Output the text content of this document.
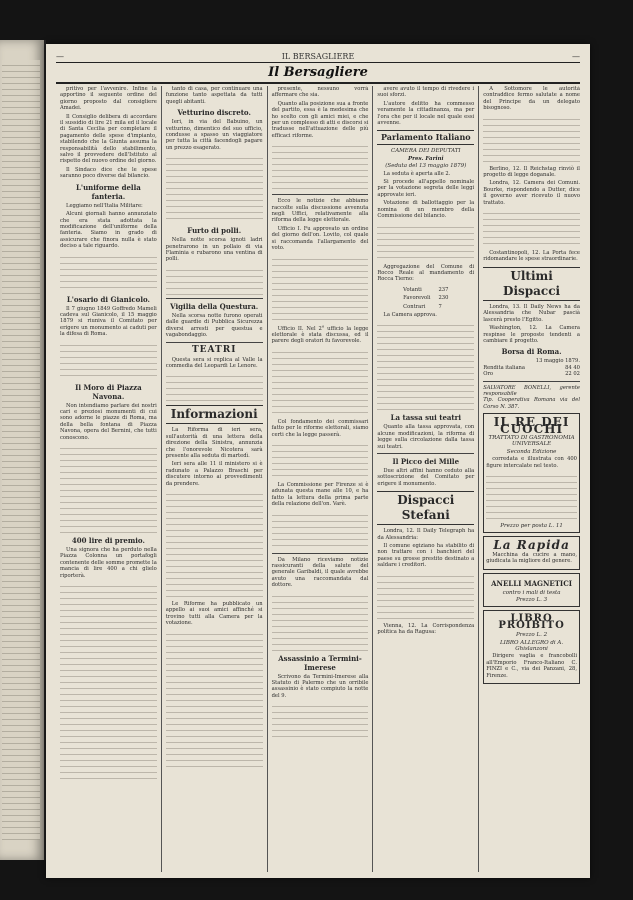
—	IL BERSAGLIERE	—
Il Bersagliere

pritivo per l'avvenire. Infine la apportino il seguente ordine del giorno proposto dal consigliere Amadei.

Il Consiglio delibera di accordare il sussidio di lire 21 mila ed il locale di Santa Cecilia per completare il pagamento delle spese d'impianto, stabilendo che la Giunta assuma la responsabilità dello stabilimento, salvo il provvedere dell'Istituto al rispetto del nuovo ordine del giorno.

Il Sindaco dice che le spese saranno poco diverse dal bilancio.

L'uniforme della fanteria.

Leggiamo nell'Italia Militare:

Alcuni giornali hanno annunziato che era stata adottata la modificazione dell'uniforme della fanteria. Siamo in grado di assicurare che finora nulla è stato deciso a tale riguardo.

L'osario di Gianicolo.

Il 7 giugno 1849 Goffredo Mameli cadeva sul Gianicolo, il 15 maggio 1879 si riuniva il Comitato per erigere un monumento ai caduti per la difesa di Roma.

Il Moro di Piazza Navona.

Non intendiamo parlare dei nostri cari e preziosi monumenti di cui sono adorne le piazze di Roma, ma della bella fontana di Piazza Navona, opera del Bernini, che tutti conoscono.

400 lire di premio.

Una signora che ha perduto nella Piazza Colonna un portafogli contenente delle somme promette la mancia di lire 400 a chi glielo riporterà.

tanto di casa, per continuare una funzione tanto aspettata da tutti quegli abitanti.

Vetturino discreto.

Ieri, in via del Babuino, un vetturino, dimentico del suo ufficio, condusse a spasso un viaggiatore per tutta la città facendogli pagare un prezzo esagerato.

Furto di polli.

Nella notte scorsa ignoti ladri penetrarono in un pollaio di via Flaminia e rubarono una ventina di polli.

Vigilia della Questura.

Nella scorsa notte furono operati dalle guardie di Pubblica Sicurezza diversi arresti per questua e vagabondaggio.

TEATRI

Questa sera si replica al Valle la commedia del Leopardi Le Lenore.

Informazioni

La Riforma di ieri sera, sull'autorità di una lettera della direzione della Sinistra, annunzia che l'onorevole Nicotera sarà presente alla seduta di martedì.

Ieri sera alle 11 il ministero si è radunato a Palazzo Braschi per discutere intorno ai provvedimenti da prendere.

Le Riforme ha pubblicato un appello ai suoi amici affinché si trovino tutti alla Camera per la votazione.

presente, nessuno vorrà affermare che sia.

Quanto alla posizione sua a fronte del partito, essa è la medesima che ho scelto con gli amici miei, e che per un complesso di atti e discorsi si tradusse nell'attuazione delle più efficaci riforme.

Ecco le notizie che abbiamo raccolte sulla discussione avvenuta negli Uffici, relativamente alla riforma della legge elettorale.

Ufficio I. Fu approvato un ordine del giorno dell'on. Lovito, col quale si raccomanda l'allargamento del voto.

Ufficio II. Nel 2° ufficio la legge elettorale è stata discussa, ed il parere degli oratori fu favorevole.

Col fondamento dei commissari fatto per le riforme elettorali, siamo certi che la legge passerà.

La Commissione per Firenze si è adunata questa mane alle 10, e ha fatto la lettura della prima parte della relazione dell'on. Varè.

Da Milano riceviamo notizie rassicuranti della salute del generale Garibaldi, il quale avrebbe avuto una raccomandata dal dottore.

Assassinio a Termini-Imerese

Scrivono da Termini-Imerese alla Statuto di Palermo che un orribile assassinio è stato compiuto la notte del 9.

avere avuto il tempo di rivedere i suoi sforzi.

L'autore delitto ha commesso veramente la cittadinanza, ma per l'ora che per il locale nel quale essi avvenne.

Parlamento Italiano
CAMERA DEI DEPUTATI
Pres. Farini
(Seduta del 13 maggio 1879)

La seduta è aperta alle 2.

Si procede all'appello nominale per la votazione segreta delle leggi approvate ieri.

Votazione di ballottaggio per la nomina di un membro della Commissione del bilancio.

Aggregazione del Comune di Rocco Reale al mandamento di Rocca Tierno:

Votanti	237
Favorevoli	230
Contrari	7

La Camera approva.

La tassa sui teatri

Quanto alla tassa approvata, con alcune modificazioni, la riforma di legge sulla circolazione dalla tassa sui teatri.

Il Picco dei Mille

Due altri affini hanno ceduto alla sottoscrizione del Comitato per erigere il monumento.

Dispacci Stefani

Londra, 12. Il Daily Telegraph ha da Alessandria:

Il comune egiziano ha stabilito di non trattare con i banchieri del paese su grosse prestito destinato a saldare i creditori.

Vienna, 12. La Corrispondenza politica ha da Ragusa:

A Sottomore le autorità contraddice fermo salutate a nome del Principe da un delegato bisognoso.

Berlino, 12. Il Reichstag rinviò il progetto di legge doganale.

Londra, 12. Camera dei Comuni. Bourke, rispondendo a Dutter, dice il governo aver ricevuto il nuovo trattato.

Costantinopoli, 12. La Porta fece ridomandare le spese straordinarie.

Ultimi Dispacci

Londra, 13. Il Daily News ha da Alessandria che Nubar pascià lascerà presto l'Egitto.

Washington, 12. La Camera respinse le proposte tendenti a cambiare il progetto.

Borsa di Roma.
13 maggio 1879.
Rendita italiana	84 40
Oro	22 02
SALVATORE BONELLI, gerente responsabile
Tip. Cooperativa Romana via del Corso N. 387.
IL RE DEI CUOCHI
TRATTATO DI GASTRONOMIA UNIVERSALE
Seconda Edizione

corredata e illustrata con 400 figure intercalate nel testo.

Prezzo per posta L. 11
La Rapida

Macchina da cucire a mano, giudicata la migliore del genere.

ANELLI MAGNETICI
contro i mali di testa
Prezzo L. 3
LIBRO PROIBITO
Prezzo L. 2
LIBRO ALLEGRO di A. Ghislanzoni

Dirigere vaglia e francobolli all'Emporio Franco-Italiano C. FINZI e C., via dei Panzani, 28, Firenze.
